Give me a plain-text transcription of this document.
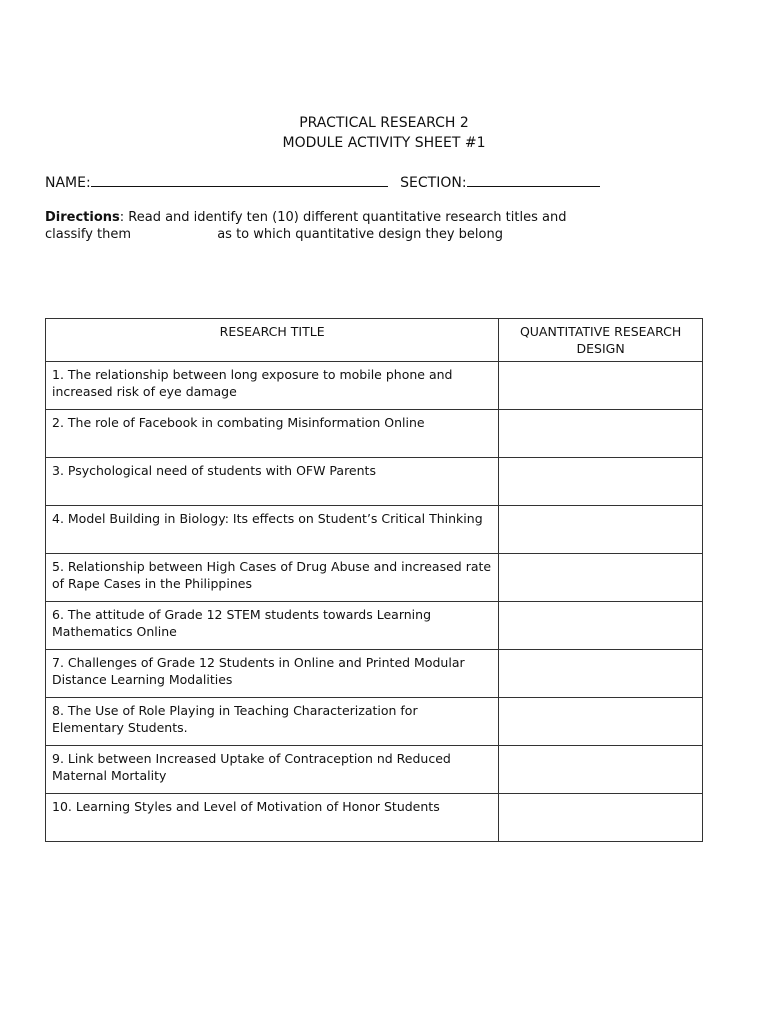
PRACTICAL RESEARCH 2
MODULE ACTIVITY SHEET #1
NAME:	SECTION:
Directions: Read and identify ten (10) different quantitative research titles and classify them	as to which quantitative design they belong
RESEARCH TITLE	QUANTITATIVE RESEARCH DESIGN
1. The relationship between long exposure to mobile phone and increased risk of eye damage	
2. The role of Facebook in combating Misinformation Online	
3. Psychological need of students with OFW Parents	
4. Model Building in Biology: Its effects on Student’s Critical Thinking	
5. Relationship between High Cases of Drug Abuse and increased rate of Rape Cases in the Philippines	
6. The attitude of Grade 12 STEM students towards Learning Mathematics Online	
7. Challenges of Grade 12 Students in Online and Printed Modular Distance Learning Modalities	
8. The Use of Role Playing in Teaching Characterization for Elementary Students.	
9. Link between Increased Uptake of Contraception nd Reduced Maternal Mortality	
10. Learning Styles and Level of Motivation of Honor Students	
